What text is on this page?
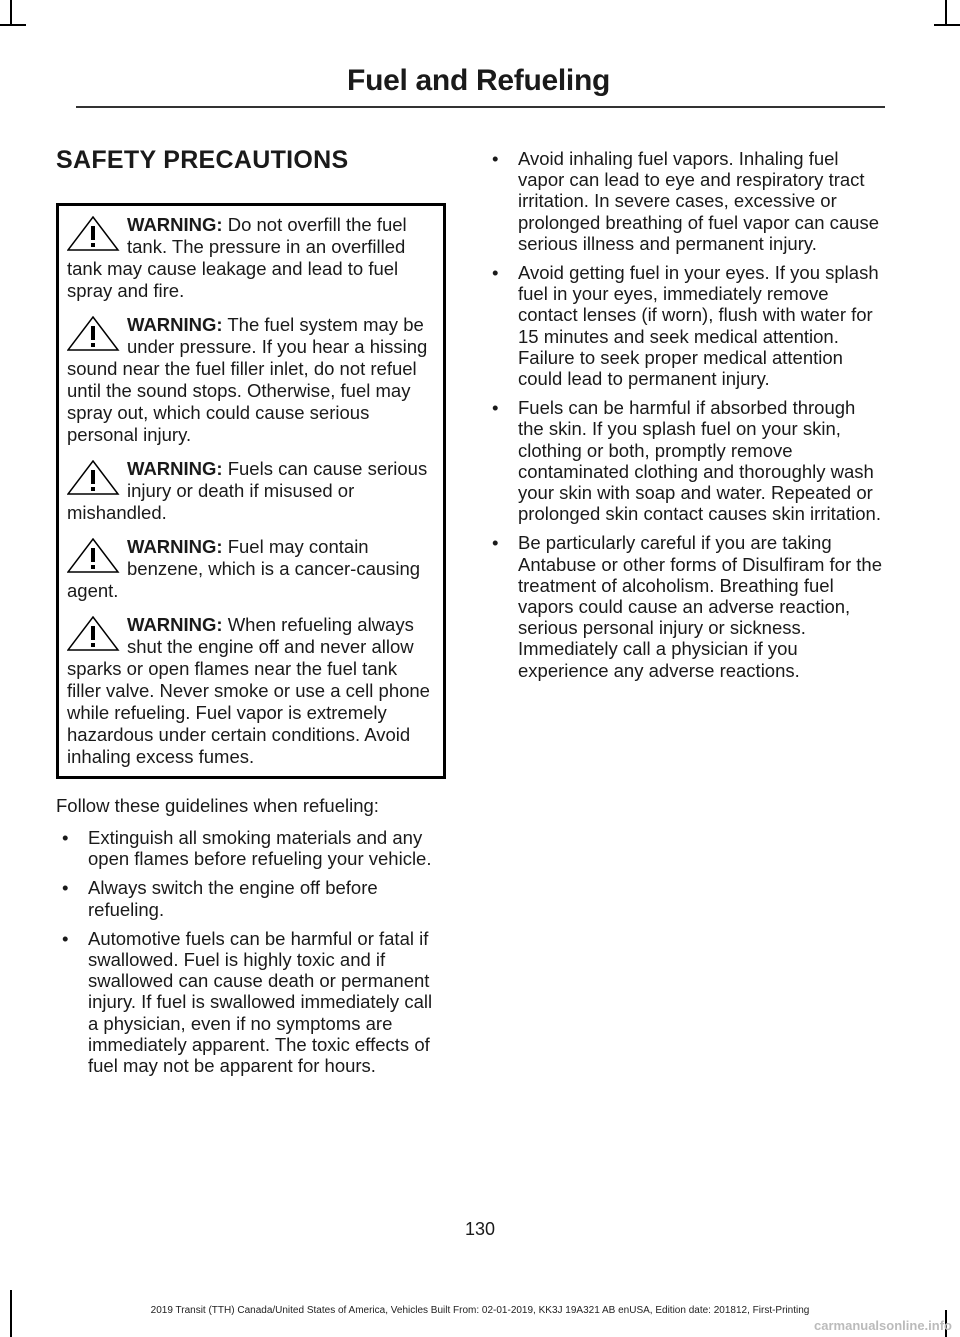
Fuel and Refueling
SAFETY PRECAUTIONS
WARNING: Do not overfill the fuel tank. The pressure in an overfilled tank may cause leakage and lead to fuel spray and fire.
WARNING: The fuel system may be under pressure. If you hear a hissing sound near the fuel filler inlet, do not refuel until the sound stops. Otherwise, fuel may spray out, which could cause serious personal injury.
WARNING: Fuels can cause serious injury or death if misused or mishandled.
WARNING: Fuel may contain benzene, which is a cancer-causing agent.
WARNING: When refueling always shut the engine off and never allow sparks or open flames near the fuel tank filler valve. Never smoke or use a cell phone while refueling. Fuel vapor is extremely hazardous under certain conditions. Avoid inhaling excess fumes.

Follow these guidelines when refueling:

• Extinguish all smoking materials and any open flames before refueling your vehicle.
• Always switch the engine off before refueling.
• Automotive fuels can be harmful or fatal if swallowed. Fuel is highly toxic and if swallowed can cause death or permanent injury. If fuel is swallowed immediately call a physician, even if no symptoms are immediately apparent. The toxic effects of fuel may not be apparent for hours.
• Avoid inhaling fuel vapors. Inhaling fuel vapor can lead to eye and respiratory tract irritation. In severe cases, excessive or prolonged breathing of fuel vapor can cause serious illness and permanent injury.
• Avoid getting fuel in your eyes. If you splash fuel in your eyes, immediately remove contact lenses (if worn), flush with water for 15 minutes and seek medical attention. Failure to seek proper medical attention could lead to permanent injury.
• Fuels can be harmful if absorbed through the skin. If you splash fuel on your skin, clothing or both, promptly remove contaminated clothing and thoroughly wash your skin with soap and water. Repeated or prolonged skin contact causes skin irritation.
• Be particularly careful if you are taking Antabuse or other forms of Disulfiram for the treatment of alcoholism. Breathing fuel vapors could cause an adverse reaction, serious personal injury or sickness. Immediately call a physician if you experience any adverse reactions.
130
2019 Transit (TTH) Canada/United States of America, Vehicles Built From: 02-01-2019, KK3J 19A321 AB enUSA, Edition date: 201812, First-Printing
carmanualsonline.info
